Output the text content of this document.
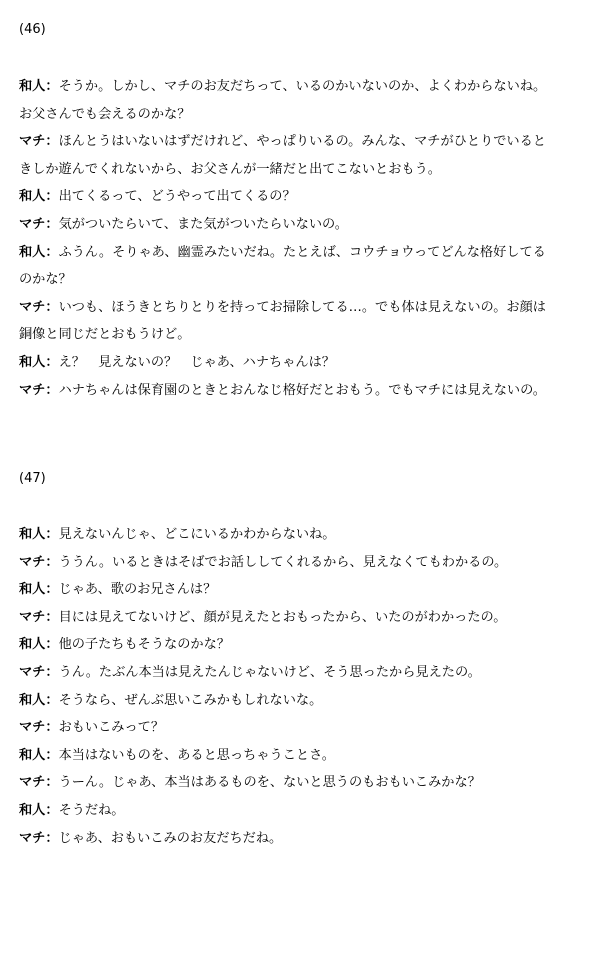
(46)
和人：そうか。しかし、マチのお友だちって、いるのかいないのか、よくわからないね。
お父さんでも会えるのかな？
マチ：ほんとうはいないはずだけれど、やっぱりいるの。みんな、マチがひとりでいると
きしか遊んでくれないから、お父さんが一緒だと出てこないとおもう。
和人：出てくるって、どうやって出てくるの？
マチ：気がついたらいて、また気がついたらいないの。
和人：ふうん。そりゃあ、幽霊みたいだね。たとえば、コウチョウってどんな格好してる
のかな？
マチ：いつも、ほうきとちりとりを持ってお掃除してる…。でも体は見えないの。お顔は
銅像と同じだとおもうけど。
和人：え？　見えないの？　じゃあ、ハナちゃんは？
マチ：ハナちゃんは保育園のときとおんなじ格好だとおもう。でもマチには見えないの。
(47)
和人：見えないんじゃ、どこにいるかわからないね。
マチ：ううん。いるときはそばでお話ししてくれるから、見えなくてもわかるの。
和人：じゃあ、歌のお兄さんは？
マチ：目には見えてないけど、顔が見えたとおもったから、いたのがわかったの。
和人：他の子たちもそうなのかな？
マチ：うん。たぶん本当は見えたんじゃないけど、そう思ったから見えたの。
和人：そうなら、ぜんぶ思いこみかもしれないな。
マチ：おもいこみって？
和人：本当はないものを、あると思っちゃうことさ。
マチ：うーん。じゃあ、本当はあるものを、ないと思うのもおもいこみかな？
和人：そうだね。
マチ：じゃあ、おもいこみのお友だちだね。
